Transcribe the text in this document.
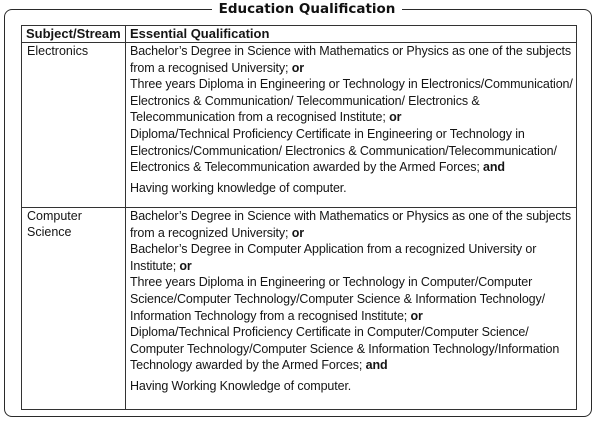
Education Qualification
Subject/Stream Essential Qualification
Electronics
Computer
Science
Bachelor’s Degree in Science with Mathematics or Physics as one of the subjects
from a recognised University; or
Three years Diploma in Engineering or Technology in Electronics/Communication/
Electronics & Communication/ Telecommunication/ Electronics &
Telecommunication from a recognised Institute; or
Diploma/Technical Proficiency Certificate in Engineering or Technology in
Electronics/Communication/ Electronics & Communication/Telecommunication/
Electronics & Telecommunication awarded by the Armed Forces; and
Having working knowledge of computer.
Bachelor’s Degree in Science with Mathematics or Physics as one of the subjects
from a recognized University; or
Bachelor’s Degree in Computer Application from a recognized University or
Institute; or
Three years Diploma in Engineering or Technology in Computer/Computer
Science/Computer Technology/Computer Science & Information Technology/
Information Technology from a recognised Institute; or
Diploma/Technical Proficiency Certificate in Computer/Computer Science/
Computer Technology/Computer Science & Information Technology/Information
Technology awarded by the Armed Forces; and
Having Working Knowledge of computer.
